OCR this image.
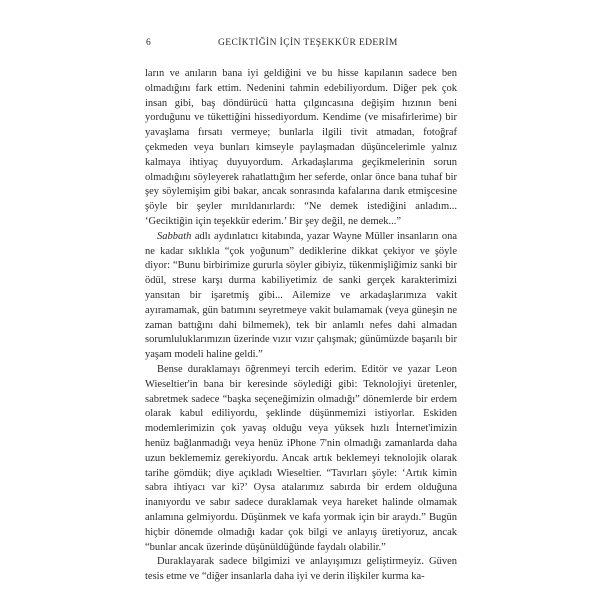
6	GECİKTİĞİN İÇİN TEŞEKKÜR EDERİM

ların ve anıların bana iyi geldiğini ve bu hisse kapılanın sadece ben olmadığını fark ettim. Nedenini tahmin edebiliyordum. Diğer pek çok insan gibi, baş döndürücü hatta çılgıncasına değişim hızının beni yorduğunu ve tükettiğini hissediyordum. Kendime (ve misafirlerime) bir yavaşlama fırsatı vermeye; bunlarla ilgili tivit atmadan, fotoğraf çekmeden veya bunları kimseyle paylaşmadan düşüncelerimle yalnız kalmaya ihtiyaç duyuyordum. Arkadaşlarıma geçikmelerinin sorun olmadığını söyleyerek rahatlattığım her seferde, onlar önce bana tuhaf bir şey söylemişim gibi bakar, ancak sonrasında kafalarına darık etmişcesine şöyle bir şeyler mırıldanırlardı: “Ne demek istediğini anladım... ‘Geciktiğin için teşekkür ederim.’ Bir şey değil, ne demek...”

Sabbath adlı aydınlatıcı kitabında, yazar Wayne Müller insanların ona ne kadar sıklıkla “çok yoğunum” dediklerine dikkat çekiyor ve şöyle diyor: “Bunu birbirimize gururla söyler gibiyiz, tükenmişliğimiz sanki bir ödül, strese karşı durma kabiliyetimiz de sanki gerçek karakterimizi yansıtan bir işaretmiş gibi... Ailemize ve arkadaşlarımıza vakit ayıramamak, gün batımını seyretmeye vakit bulamamak (veya güneşin ne zaman battığını dahi bilmemek), tek bir anlamlı nefes dahi almadan sorumluluklarımızın üzerinde vızır vızır çalışmak; günümüzde başarılı bir yaşam modeli haline geldi.”

Bense duraklamayı öğrenmeyi tercih ederim. Editör ve yazar Leon Wieseltier'in bana bir keresinde söylediği gibi: Teknolojiyi üretenler, sabretmek sadece “başka seçeneğimizin olmadığı” dönemlerde bir erdem olarak kabul ediliyordu, şeklinde düşünmemizi istiyorlar. Eskiden modemlerimizin çok yavaş olduğu veya yüksek hızlı İnternet'imizin henüz bağlanmadığı veya henüz iPhone 7'nin olmadığı zamanlarda daha uzun beklememiz gerekiyordu. Ancak artık beklemeyi teknolojik olarak tarihe gömdük; diye açıkladı Wieseltier. “Tavırları şöyle: ‘Artık kimin sabra ihtiyacı var ki?’ Oysa atalarımız sabırda bir erdem olduğuna inanıyordu ve sabır sadece duraklamak veya hareket halinde olmamak anlamına gelmiyordu. Düşünmek ve kafa yormak için bir araydı.” Bugün hiçbir dönemde olmadığı kadar çok bilgi ve anlayış üretiyoruz, ancak “bunlar ancak üzerinde düşünüldüğünde faydalı olabilir.”

Duraklayarak sadece bilgimizi ve anlayışımızı geliştirmeyiz. Güven tesis etme ve “diğer insanlarla daha iyi ve derin ilişkiler kurma ka-
